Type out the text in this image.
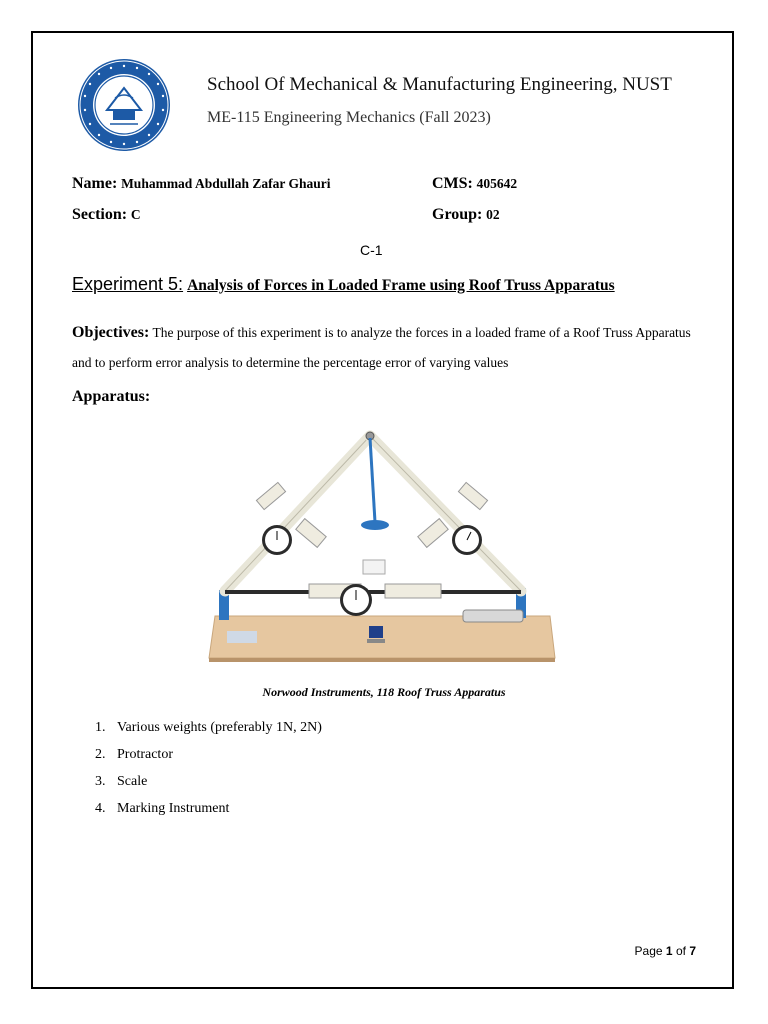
School Of Mechanical & Manufacturing Engineering, NUST
ME-115 Engineering Mechanics (Fall 2023)
Name: Muhammad Abdullah Zafar Ghauri	CMS: 405642
Section: C	Group: 02
C-1
Experiment 5: Analysis of Forces in Loaded Frame using Roof Truss Apparatus
Objectives: The purpose of this experiment is to analyze the forces in a loaded frame of a Roof Truss Apparatus and to perform error analysis to determine the percentage error of varying values
Apparatus:
Norwood Instruments, 118 Roof Truss Apparatus
1. Various weights (preferably 1N, 2N)
2. Protractor
3. Scale
4. Marking Instrument
Page 1 of 7
